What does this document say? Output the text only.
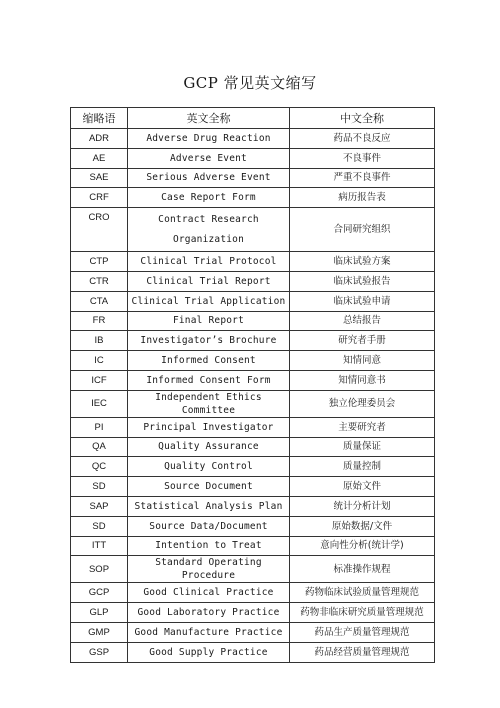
GCP 常见英文缩写
缩略语	英文全称	中文全称
ADR	Adverse Drug Reaction	药品不良反应
AE	Adverse Event	不良事件
SAE	Serious Adverse Event	严重不良事件
CRF	Case Report Form	病历报告表
CRO	Contract Research Organization	合同研究组织
CTP	Clinical Trial Protocol	临床试验方案
CTR	Clinical Trial Report	临床试验报告
CTA	Clinical Trial Application	临床试验申请
FR	Final Report	总结报告
IB	Investigator’s Brochure	研究者手册
IC	Informed Consent	知情同意
ICF	Informed Consent Form	知情同意书
IEC	Independent Ethics Committee	独立伦理委员会
PI	Principal Investigator	主要研究者
QA	Quality Assurance	质量保证
QC	Quality Control	质量控制
SD	Source Document	原始文件
SAP	Statistical Analysis Plan	统计分析计划
SD	Source Data/Document	原始数据/文件
ITT	Intention to Treat	意向性分析(统计学)
SOP	Standard Operating Procedure	标准操作规程
GCP	Good Clinical Practice	药物临床试验质量管理规范
GLP	Good Laboratory Practice	药物非临床研究质量管理规范
GMP	Good Manufacture Practice	药品生产质量管理规范
GSP	Good Supply Practice	药品经营质量管理规范
